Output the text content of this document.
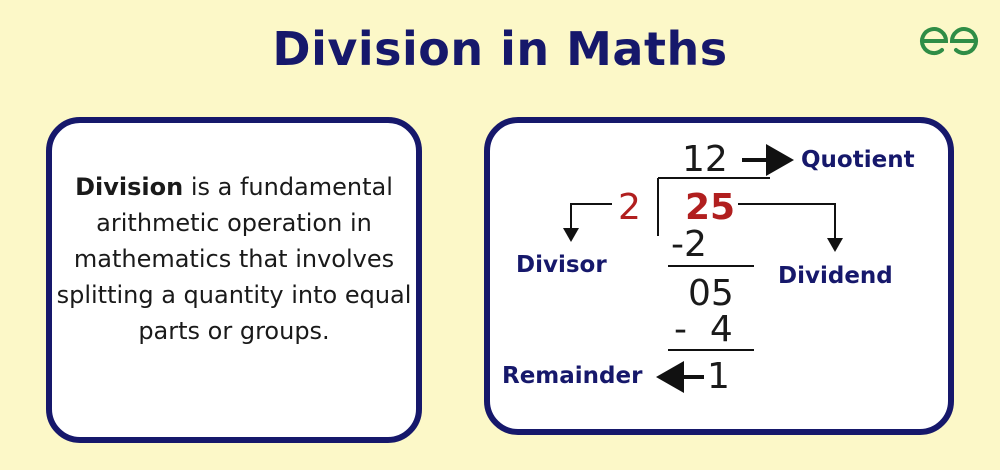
Division in Maths
Division is a fundamental arithmetic operation in mathematics that involves splitting a quantity into equal parts or groups.
12
2 25
-2
05
-  4
1
Quotient
Divisor	Dividend
Remainder
